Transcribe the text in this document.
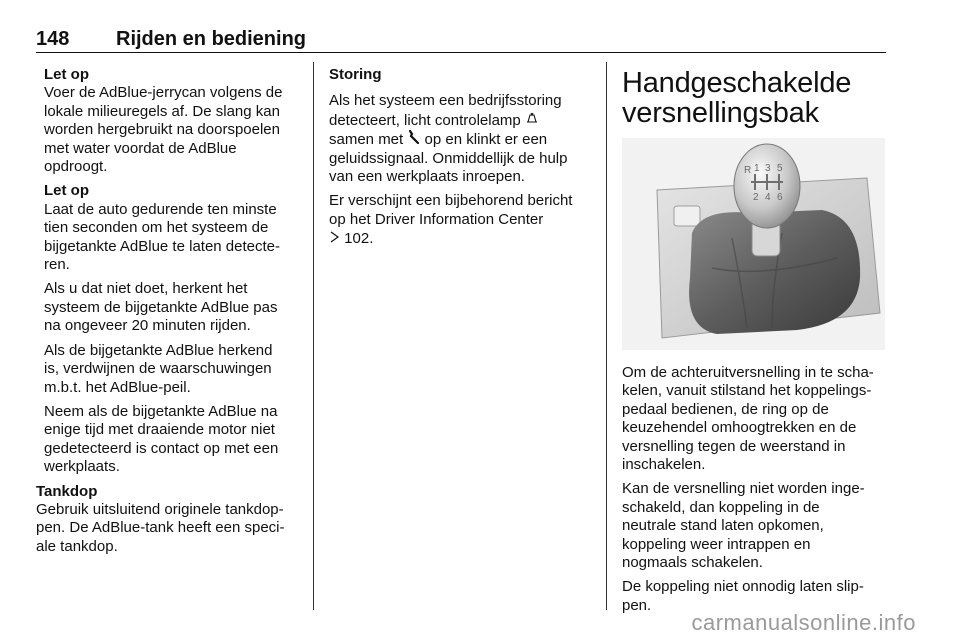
148 Rijden en bediening
Let op

Voer de AdBlue-jerrycan volgens de
lokale milieuregels af. De slang kan
worden hergebruikt na doorspoelen
met water voordat de AdBlue
opdroogt.

Let op

Laat de auto gedurende ten minste
tien seconden om het systeem de
bijgetankte AdBlue te laten detecte-
ren.

Als u dat niet doet, herkent het
systeem de bijgetankte AdBlue pas
na ongeveer 20 minuten rijden.

Als de bijgetankte AdBlue herkend
is, verdwijnen de waarschuwingen
m.b.t. het AdBlue-peil.

Neem als de bijgetankte AdBlue na
enige tijd met draaiende motor niet
gedetecteerd is contact op met een
werkplaats.

Tankdop

Gebruik uitsluitend originele tankdop-
pen. De AdBlue-tank heeft een speci-
ale tankdop.

Storing

Als het systeem een bedrijfsstoring
detecteert, licht controlelamp
samen met op en klinkt er een
geluidssignaal. Onmiddellijk de hulp
van een werkplaats inroepen.

Er verschijnt een bijbehorend bericht
op het Driver Information Center
102.

Handgeschakelde
versnellingsbak
R 1 3 5
2 4 6

Om de achteruitversnelling in te scha-
kelen, vanuit stilstand het koppelings-
pedaal bedienen, de ring op de
keuzehendel omhoogtrekken en de
versnelling tegen de weerstand in
inschakelen.

Kan de versnelling niet worden inge-
schakeld, dan koppeling in de
neutrale stand laten opkomen,
koppeling weer intrappen en
nogmaals schakelen.

De koppeling niet onnodig laten slip-
pen.

carmanualsonline.info
